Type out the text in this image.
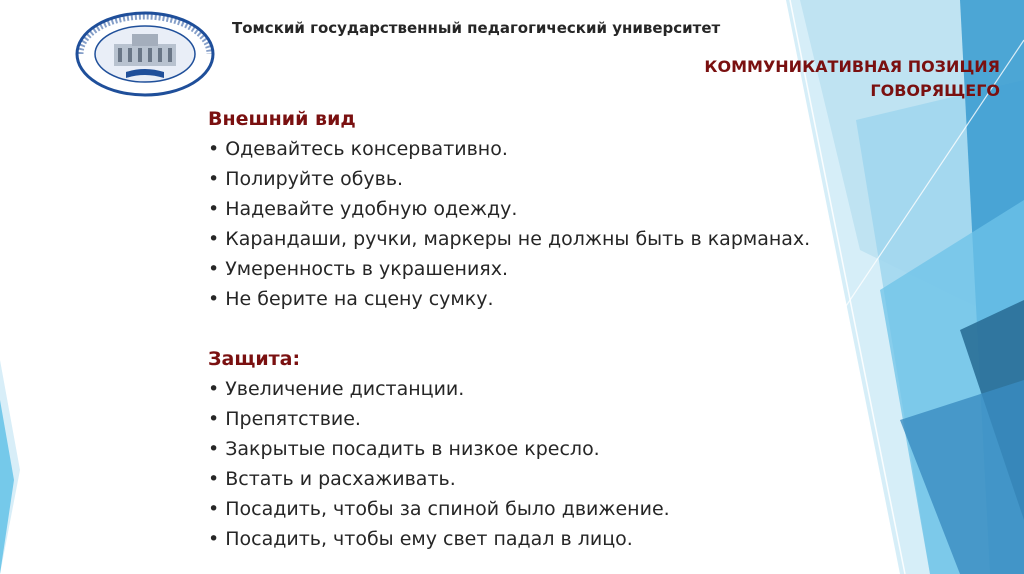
Томский государственный педагогический университет
КОММУНИКАТИВНАЯ ПОЗИЦИЯ
ГОВОРЯЩЕГО
Внешний вид
• Одевайтесь консервативно.
• Полируйте обувь.
• Надевайте удобную одежду.
• Карандаши, ручки, маркеры не должны быть в карманах.
• Умеренность в украшениях.
• Не берите на сцену сумку.
Защита:
• Увеличение дистанции.
• Препятствие.
• Закрытые посадить в низкое кресло.
• Встать и расхаживать.
• Посадить, чтобы за спиной было движение.
• Посадить, чтобы ему свет падал в лицо.
